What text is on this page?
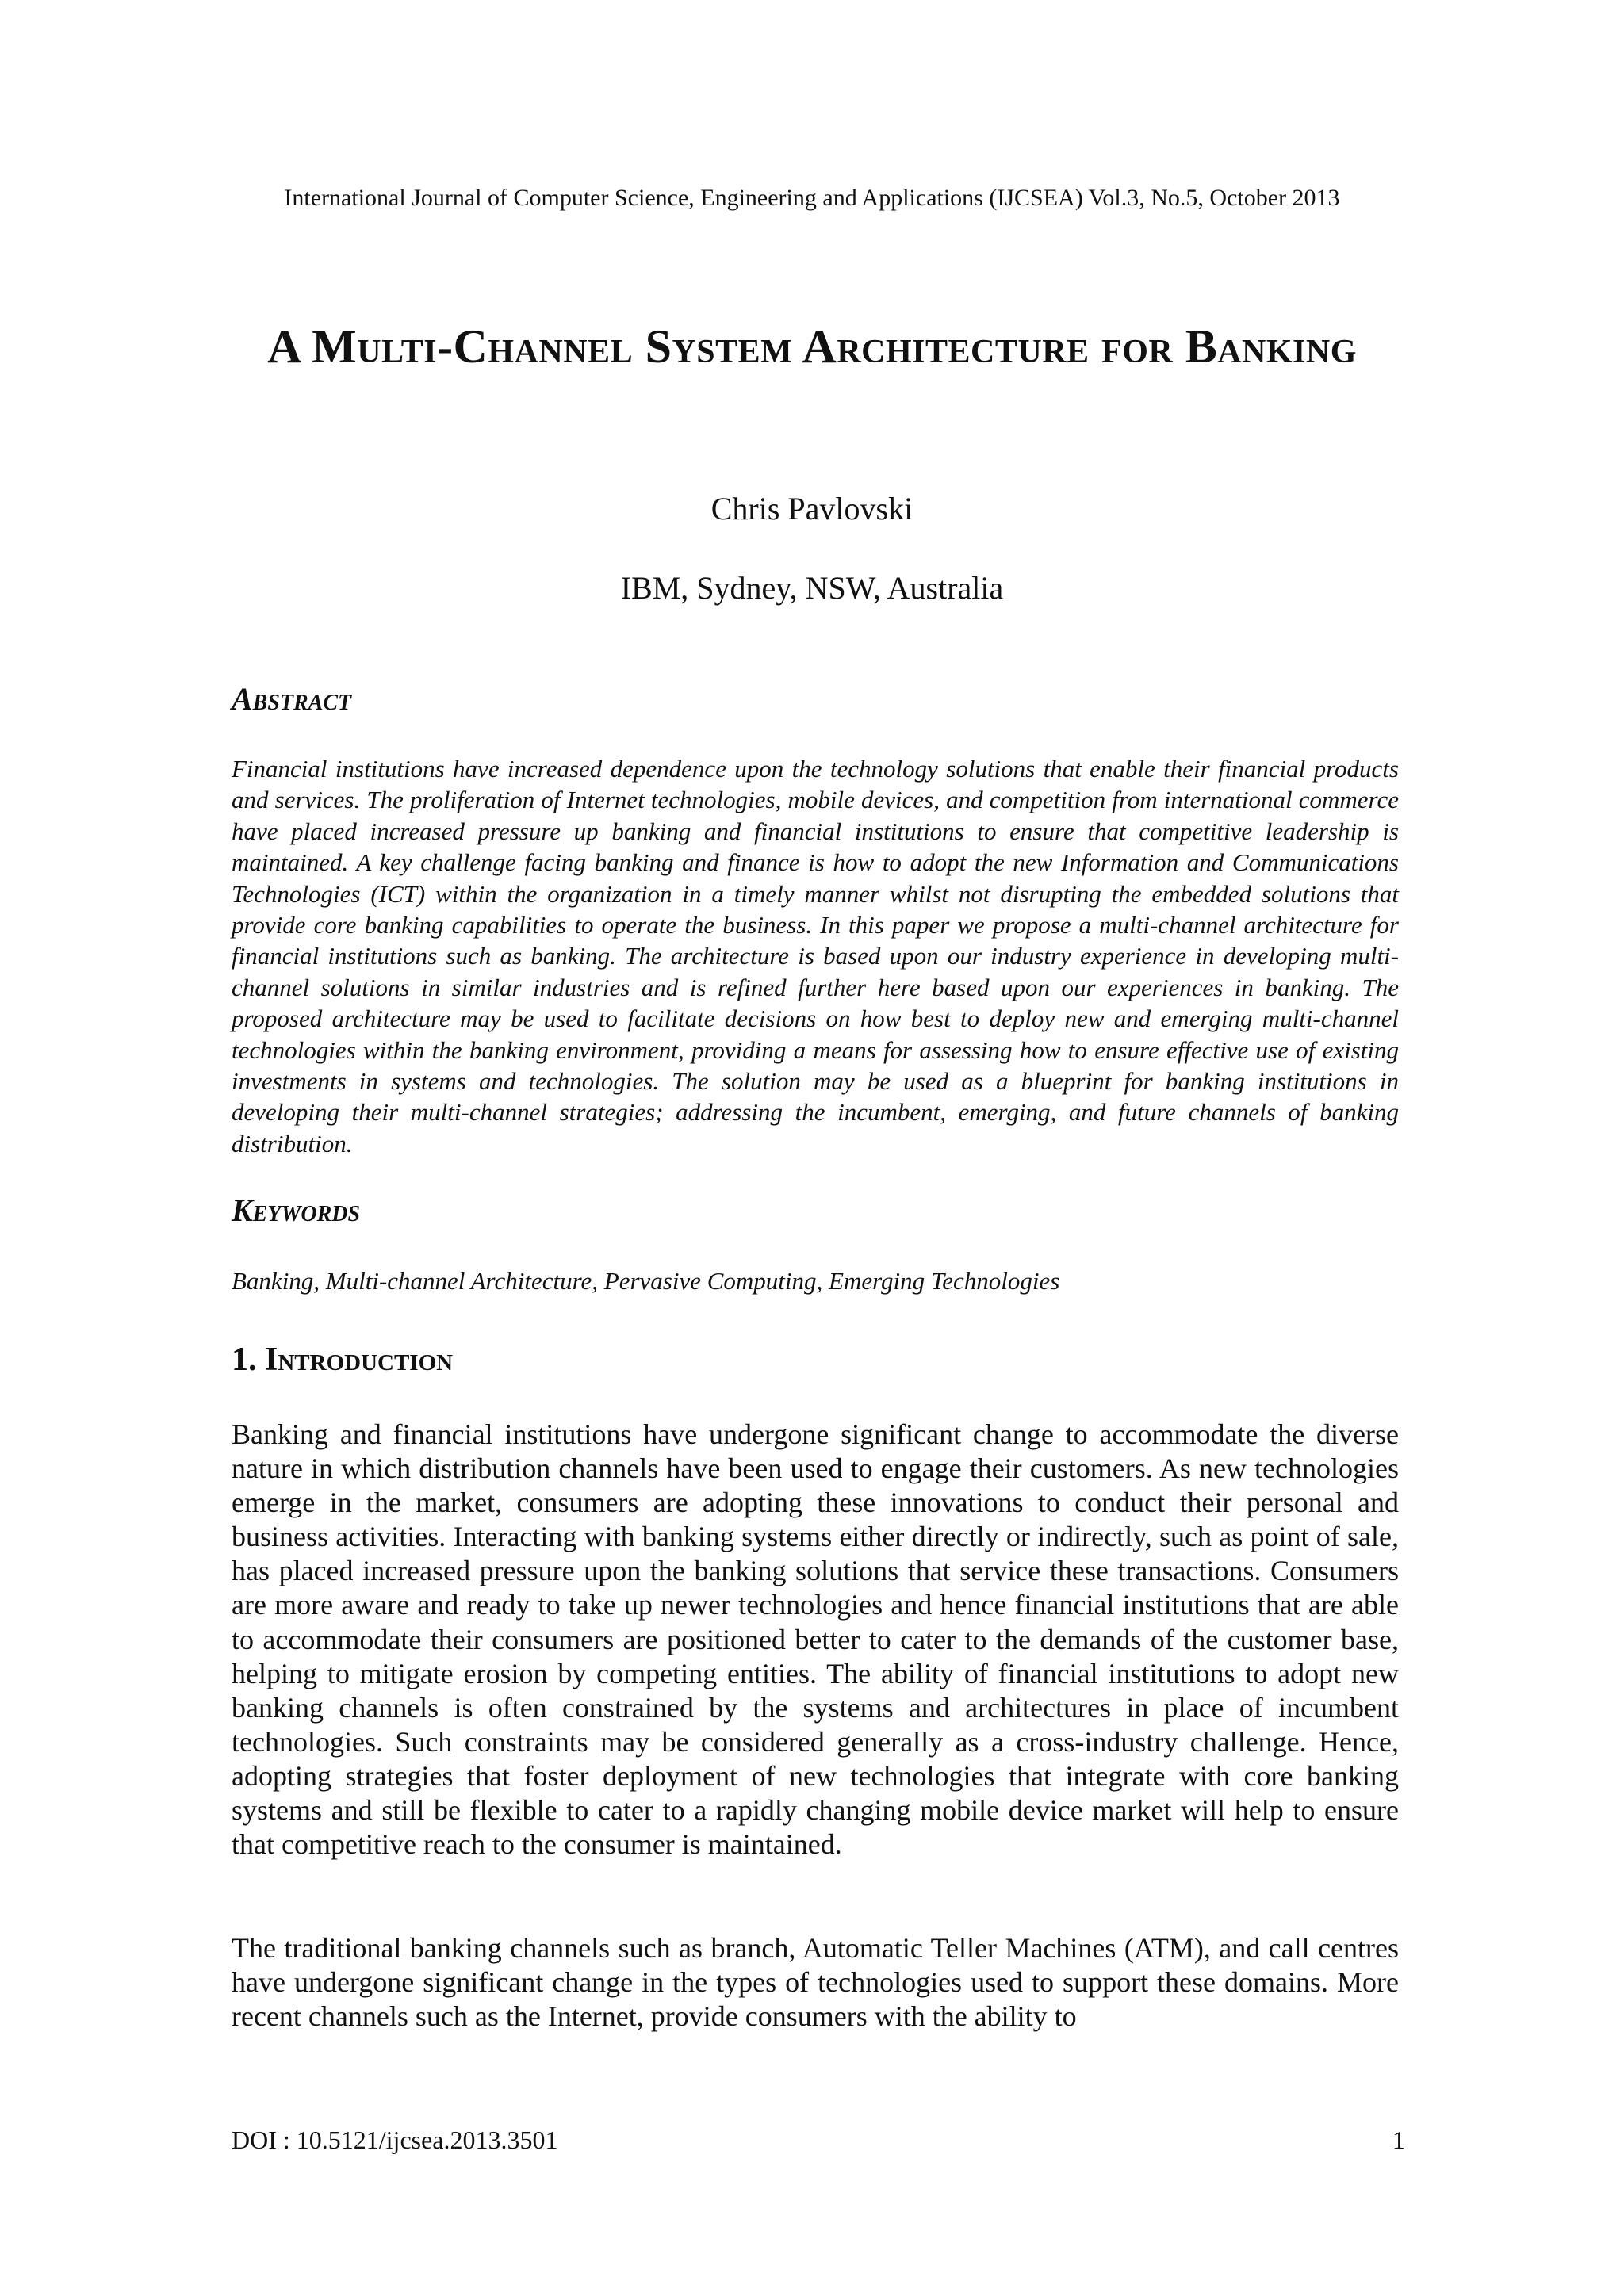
International Journal of Computer Science, Engineering and Applications (IJCSEA) Vol.3, No.5, October 2013
A Multi-Channel System Architecture for Banking
Chris Pavlovski
IBM, Sydney, NSW, Australia
Abstract
Financial institutions have increased dependence upon the technology solutions that enable their financial products and services. The proliferation of Internet technologies, mobile devices, and competition from international commerce have placed increased pressure up banking and financial institutions to ensure that competitive leadership is maintained. A key challenge facing banking and finance is how to adopt the new Information and Communications Technologies (ICT) within the organization in a timely manner whilst not disrupting the embedded solutions that provide core banking capabilities to operate the business. In this paper we propose a multi-channel architecture for financial institutions such as banking. The architecture is based upon our industry experience in developing multi-channel solutions in similar industries and is refined further here based upon our experiences in banking. The proposed architecture may be used to facilitate decisions on how best to deploy new and emerging multi-channel technologies within the banking environment, providing a means for assessing how to ensure effective use of existing investments in systems and technologies. The solution may be used as a blueprint for banking institutions in developing their multi-channel strategies; addressing the incumbent, emerging, and future channels of banking distribution.
Keywords
Banking, Multi-channel Architecture, Pervasive Computing, Emerging Technologies
1. Introduction
Banking and financial institutions have undergone significant change to accommodate the diverse nature in which distribution channels have been used to engage their customers. As new technologies emerge in the market, consumers are adopting these innovations to conduct their personal and business activities. Interacting with banking systems either directly or indirectly, such as point of sale, has placed increased pressure upon the banking solutions that service these transactions. Consumers are more aware and ready to take up newer technologies and hence financial institutions that are able to accommodate their consumers are positioned better to cater to the demands of the customer base, helping to mitigate erosion by competing entities. The ability of financial institutions to adopt new banking channels is often constrained by the systems and architectures in place of incumbent technologies. Such constraints may be considered generally as a cross-industry challenge. Hence, adopting strategies that foster deployment of new technologies that integrate with core banking systems and still be flexible to cater to a rapidly changing mobile device market will help to ensure that competitive reach to the consumer is maintained.
The traditional banking channels such as branch, Automatic Teller Machines (ATM), and call centres have undergone significant change in the types of technologies used to support these domains. More recent channels such as the Internet, provide consumers with the ability to
DOI : 10.5121/ijcsea.2013.3501	1
